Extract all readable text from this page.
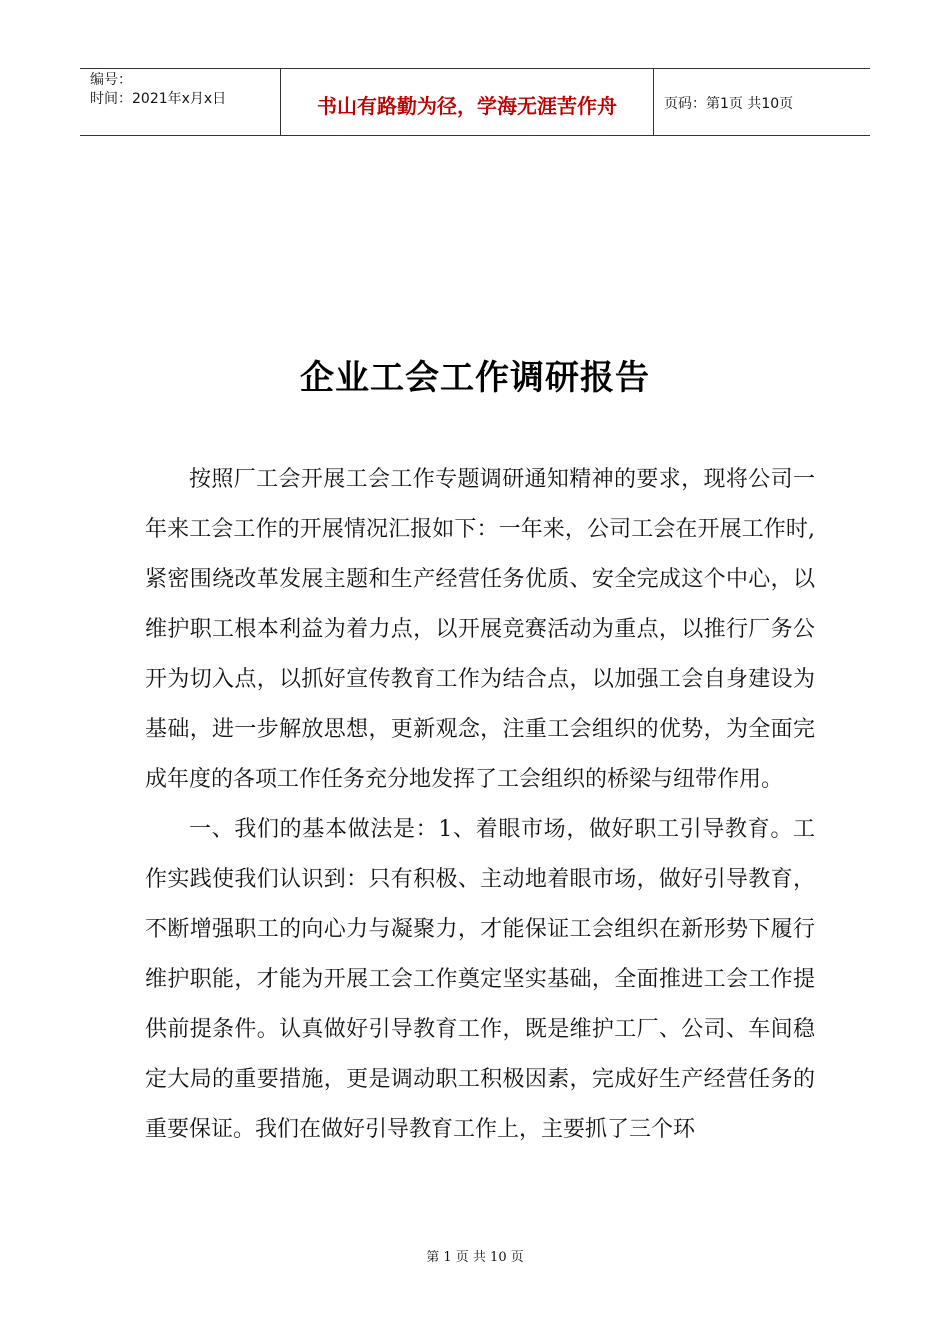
编号：
时间：2021年x月x日	书山有路勤为径，学海无涯苦作舟	页码：第1页 共10页
企业工会工作调研报告

按照厂工会开展工会工作专题调研通知精神的要求，现将公司一年来工会工作的开展情况汇报如下：一年来，公司工会在开展工作时,紧密围绕改革发展主题和生产经营任务优质、安全完成这个中心，以维护职工根本利益为着力点，以开展竞赛活动为重点，以推行厂务公开为切入点，以抓好宣传教育工作为结合点，以加强工会自身建设为基础，进一步解放思想，更新观念，注重工会组织的优势，为全面完成年度的各项工作任务充分地发挥了工会组织的桥梁与纽带作用。

一、我们的基本做法是：1、着眼市场，做好职工引导教育。工作实践使我们认识到：只有积极、主动地着眼市场，做好引导教育，不断增强职工的向心力与凝聚力，才能保证工会组织在新形势下履行维护职能，才能为开展工会工作奠定坚实基础，全面推进工会工作提供前提条件。认真做好引导教育工作，既是维护工厂、公司、车间稳定大局的重要措施，更是调动职工积极因素，完成好生产经营任务的重要保证。我们在做好引导教育工作上，主要抓了三个环

第 1 页 共 10 页
